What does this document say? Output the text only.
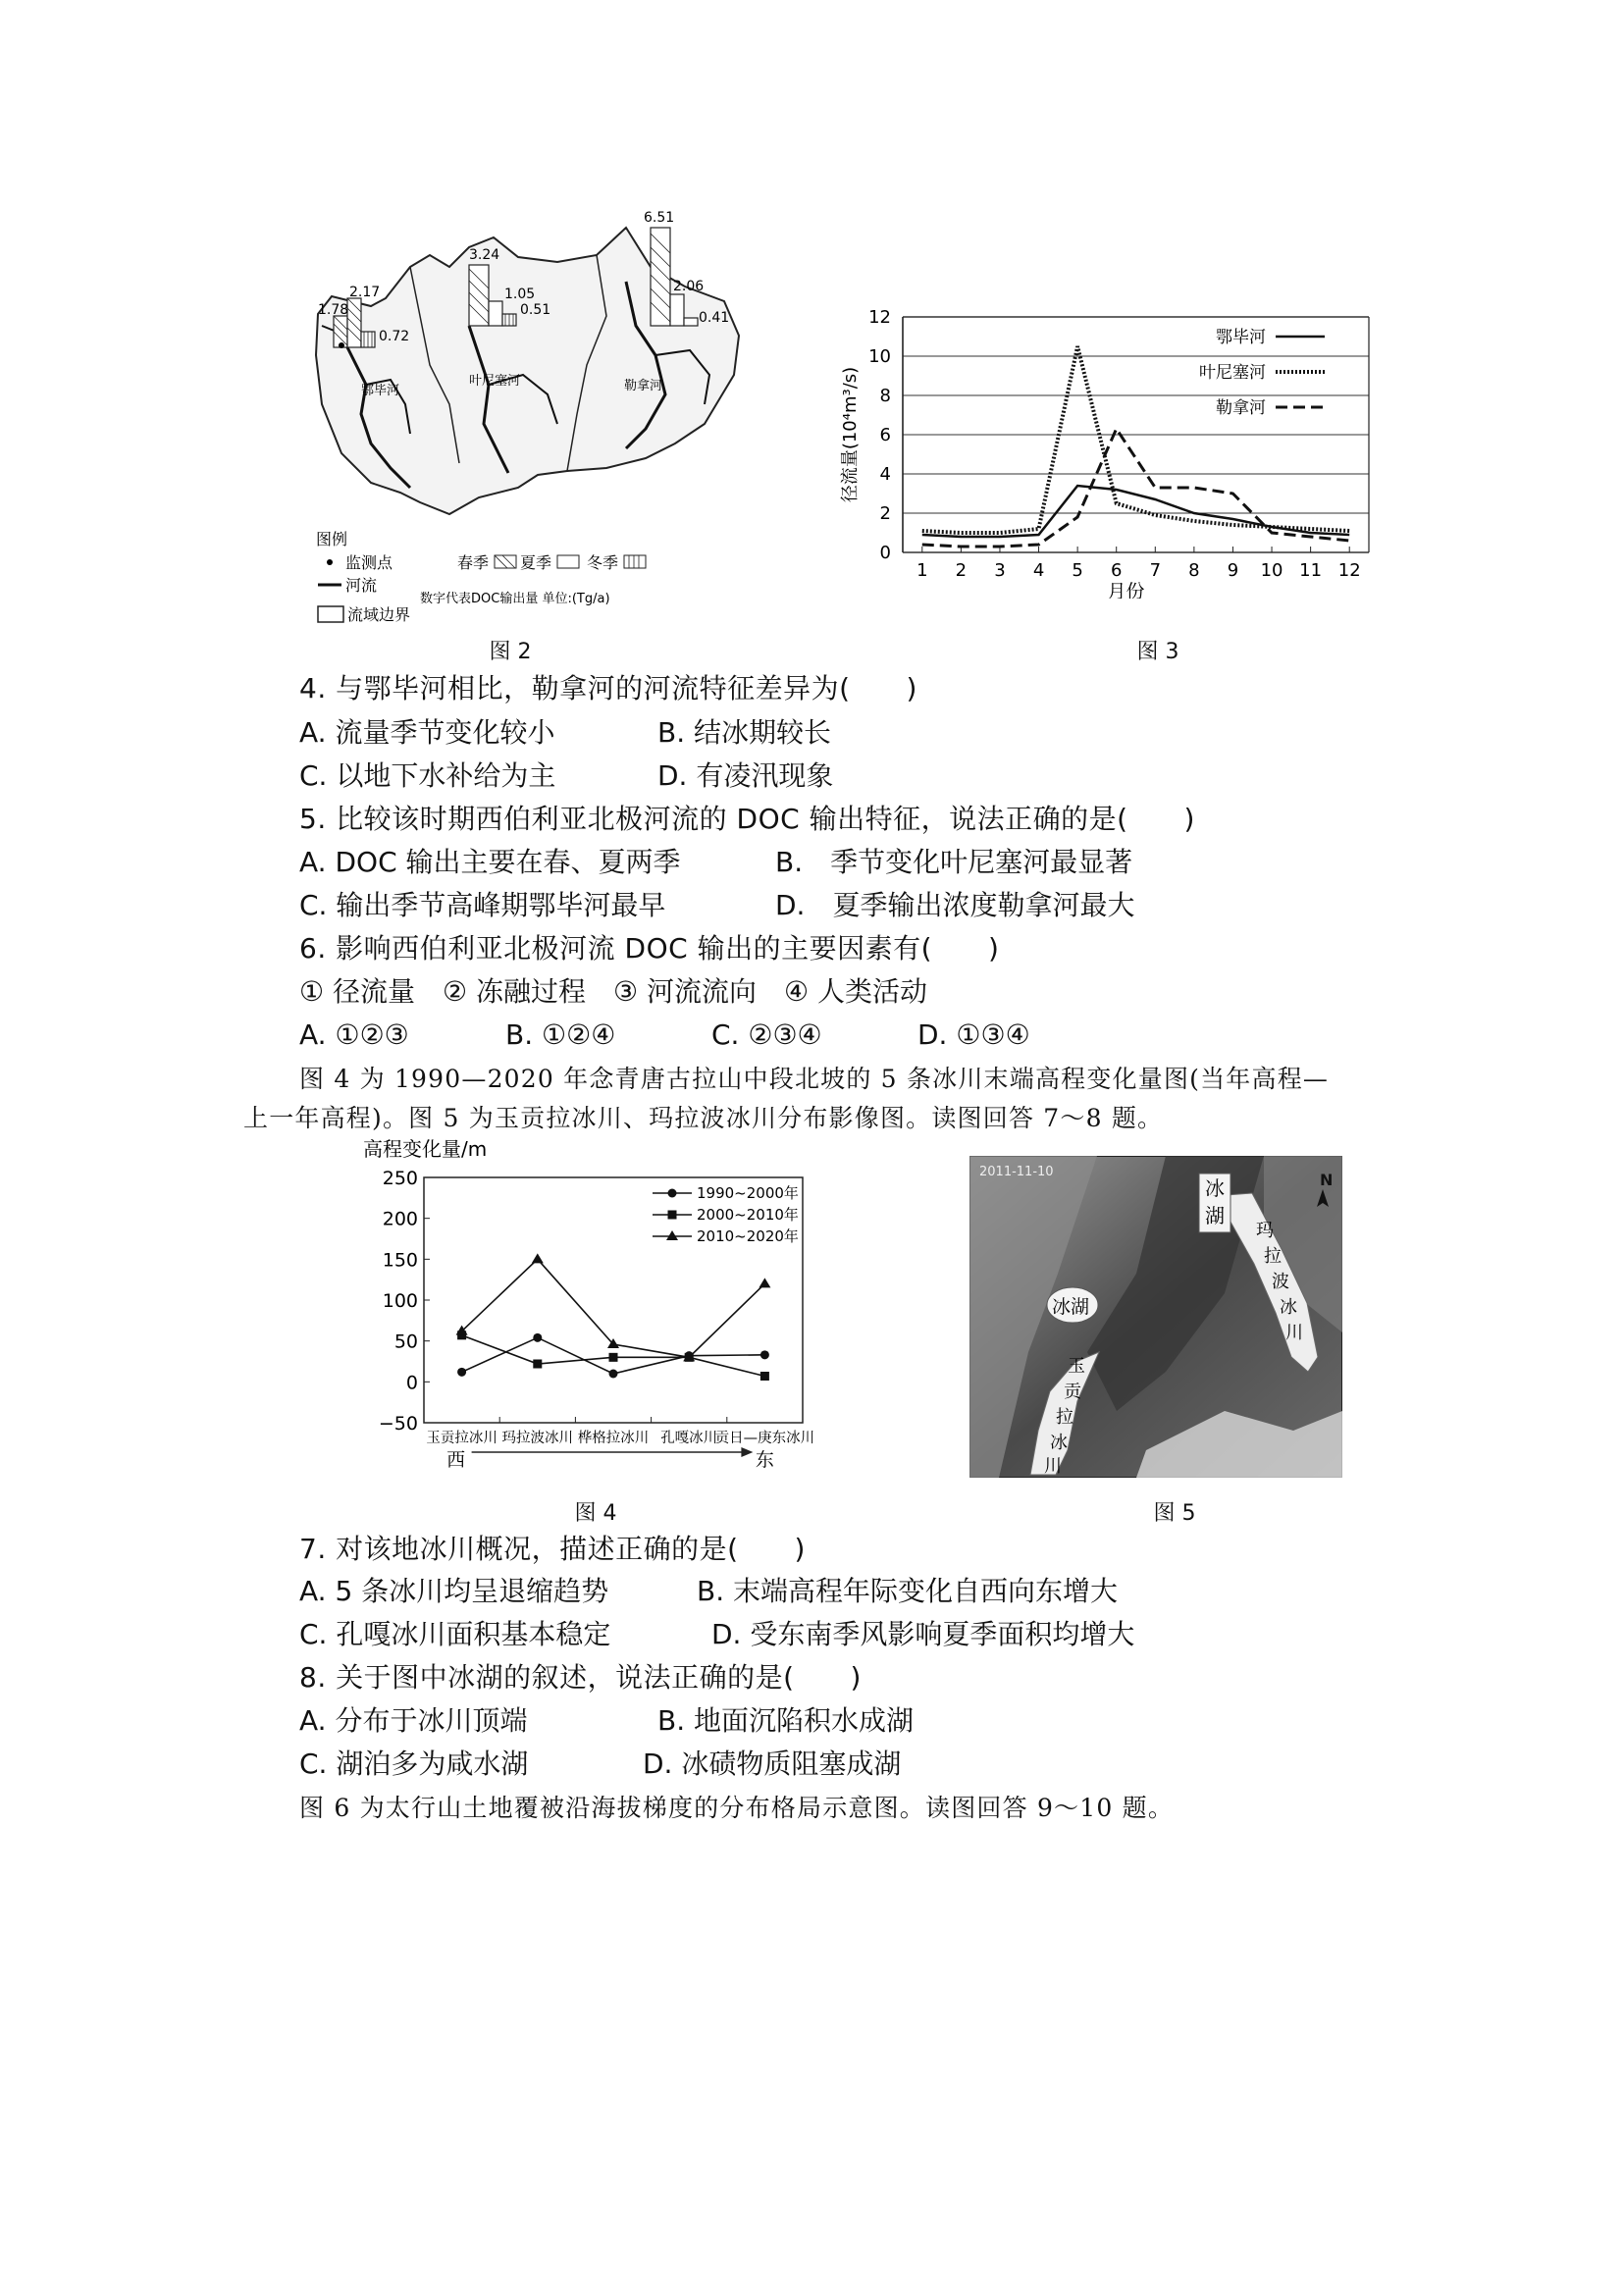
1.78
2.17
0.72
3.24
1.05
0.51
6.51
2.06
0.41
鄂毕河
叶尼塞河	勒拿河
图例
监测点	春季 夏季 冬季
河流
数字代表DOC输出量 单位:(Tg/a)
流域边界
图 2
0
2
4
6
8
10
12
1 2 3 4 5 6 7 8 9 10 11 12
月份
径流量(10⁴m³/s)
鄂毕河
叶尼塞河
勒拿河
图 3
4. 与鄂毕河相比，勒拿河的河流特征差异为(　　)
A. 流量季节变化较小	B. 结冰期较长
C. 以地下水补给为主	D. 有凌汛现象
5. 比较该时期西伯利亚北极河流的 DOC 输出特征，说法正确的是(　　)
A. DOC 输出主要在春、夏两季	B.　季节变化叶尼塞河最显著
C. 输出季节高峰期鄂毕河最早	D.　夏季输出浓度勒拿河最大
6. 影响西伯利亚北极河流 DOC 输出的主要因素有(　　)
① 径流量　② 冻融过程　③ 河流流向　④ 人类活动
A. ①②③	B. ①②④	C. ②③④	D. ①③④
图 4 为 1990—2020 年念青唐古拉山中段北坡的 5 条冰川末端高程变化量图(当年高程—
上一年高程)。图 5 为玉贡拉冰川、玛拉波冰川分布影像图。读图回答 7～8 题。
高程变化量/m
250
200
150
100
50
0
−50
玉贡拉冰川 玛拉波冰川 桦格拉冰川 孔嘎冰川
贡日—庚东冰川
西	东
1990~2000年
2000~2010年
2010~2020年
图 4
2011-11-10	N
冰
湖
冰湖
玛
拉
波
冰
川
玉
贡
拉
冰
川
图 5
7. 对该地冰川概况，描述正确的是(　　)
A. 5 条冰川均呈退缩趋势	B. 末端高程年际变化自西向东增大
C. 孔嘎冰川面积基本稳定	D. 受东南季风影响夏季面积均增大
8. 关于图中冰湖的叙述，说法正确的是(　　)
A. 分布于冰川顶端	B. 地面沉陷积水成湖
C. 湖泊多为咸水湖	D. 冰碛物质阻塞成湖
图 6 为太行山土地覆被沿海拔梯度的分布格局示意图。读图回答 9～10 题。
